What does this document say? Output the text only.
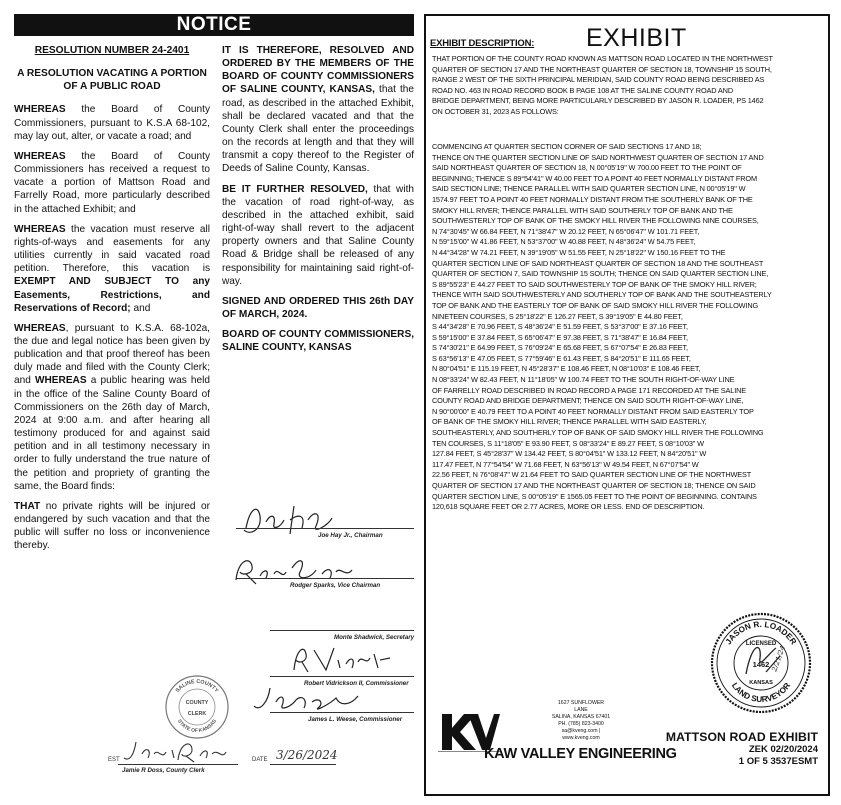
NOTICE

RESOLUTION NUMBER 24-2401

A RESOLUTION VACATING A PORTION OF A PUBLIC ROAD

WHEREAS the Board of County Commissioners, pursuant to K.S.A 68-102, may lay out, alter, or vacate a road; and

WHEREAS the Board of County Commissioners has received a request to vacate a portion of Mattson Road and Farrelly Road, more particularly described in the attached Exhibit; and

WHEREAS the vacation must reserve all rights-of-ways and easements for any utilities currently in said vacated road petition. Therefore, this vacation is EXEMPT AND SUBJECT TO any Easements, Restrictions, and Reservations of Record; and

WHEREAS, pursuant to K.S.A. 68-102a, the due and legal notice has been given by publication and that proof thereof has been duly made and filed with the County Clerk; and WHEREAS a public hearing was held in the office of the Saline County Board of Commissioners on the 26th day of March, 2024 at 9:00 a.m. and after hearing all testimony produced for and against said petition and in all testimony necessary in order to fully understand the true nature of the petition and propriety of granting the same, the Board finds:

THAT no private rights will be injured or endangered by such vacation and that the public will suffer no loss or inconvenience thereby.

IT IS THEREFORE, RESOLVED AND ORDERED BY THE MEMBERS OF THE BOARD OF COUNTY COMMISSIONERS OF SALINE COUNTY, KANSAS, that the road, as described in the attached Exhibit, shall be declared vacated and that the County Clerk shall enter the proceedings on the records at length and that they will transmit a copy thereof to the Register of Deeds of Saline County, Kansas.

BE IT FURTHER RESOLVED, that with the vacation of road right-of-way, as described in the attached exhibit, said right-of-way shall revert to the adjacent property owners and that Saline County Road & Bridge shall be released of any responsibility for maintaining said right-of-way.

SIGNED AND ORDERED THIS 26th DAY OF MARCH, 2024.

BOARD OF COUNTY COMMISSIONERS, SALINE COUNTY, KANSAS

Joe Hay Jr., Chairman
Rodger Sparks, Vice Chairman
Monte Shadwick, Secretary
Robert Vidrickson II, Commissioner
James L. Weese, Commissioner
SALINE COUNTY
STATE OF KANSAS
COUNTY
CLERK
EST
Jamie R Doss, County Clerk
DATE 3/26/2024
EXHIBIT DESCRIPTION: EXHIBIT
THAT PORTION OF THE COUNTY ROAD KNOWN AS MATTSON ROAD LOCATED IN THE NORTHWEST
QUARTER OF SECTION 17 AND THE NORTHEAST QUARTER OF SECTION 18, TOWNSHIP 15 SOUTH,
RANGE 2 WEST OF THE SIXTH PRINCIPAL MERIDIAN, SAID COUNTY ROAD BEING DESCRIBED AS
ROAD NO. 463 IN ROAD RECORD BOOK B PAGE 108 AT THE SALINE COUNTY ROAD AND
BRIDGE DEPARTMENT, BEING MORE PARTICULARLY DESCRIBED BY JASON R. LOADER, PS 1462
ON OCTOBER 31, 2023 AS FOLLOWS:
COMMENCING AT QUARTER SECTION CORNER OF SAID SECTIONS 17 AND 18;
THENCE ON THE QUARTER SECTION LINE OF SAID NORTHWEST QUARTER OF SECTION 17 AND
SAID NORTHEAST QUARTER OF SECTION 18, N 00°05'19" W 700.00 FEET TO THE POINT OF
BEGINNING; THENCE S 89°54'41" W 40.00 FEET TO A POINT 40 FEET NORMALLY DISTANT FROM
SAID SECTION LINE; THENCE PARALLEL WITH SAID QUARTER SECTION LINE, N 00°05'19" W
1574.97 FEET TO A POINT 40 FEET NORMALLY DISTANT FROM THE SOUTHERLY BANK OF THE
SMOKY HILL RIVER; THENCE PARALLEL WITH SAID SOUTHERLY TOP OF BANK AND THE
SOUTHWESTERLY TOP OF BANK OF THE SMOKY HILL RIVER THE FOLLOWING NINE COURSES,
N 74°30'45" W 66.84 FEET, N 71°38'47" W 20.12 FEET, N 65°06'47" W 101.71 FEET,
N 59°15'00" W 41.86 FEET, N 53°37'00" W 40.88 FEET, N 48°36'24" W 54.75 FEET,
N 44°34'28" W 74.21 FEET, N 39°19'05" W 51.55 FEET, N 25°18'22" W 150.16 FEET TO THE
QUARTER SECTION LINE OF SAID NORTHEAST QUARTER OF SECTION 18 AND THE SOUTHEAST
QUARTER OF SECTION 7, SAID TOWNSHIP 15 SOUTH; THENCE ON SAID QUARTER SECTION LINE,
S 89°55'23" E 44.27 FEET TO SAID SOUTHWESTERLY TOP OF BANK OF THE SMOKY HILL RIVER;
THENCE WITH SAID SOUTHWESTERLY AND SOUTHERLY TOP OF BANK AND THE SOUTHEASTERLY
TOP OF BANK AND THE EASTERLY TOP OF BANK OF SAID SMOKY HILL RIVER THE FOLLOWING
NINETEEN COURSES, S 25°18'22" E 126.27 FEET, S 39°19'05" E 44.80 FEET,
S 44°34'28" E 70.96 FEET, S 48°36'24" E 51.59 FEET, S 53°37'00" E 37.16 FEET,
S 59°15'00" E 37.84 FEET, S 65°06'47" E 97.38 FEET, S 71°38'47" E 16.84 FEET,
S 74°30'21" E 64.99 FEET, S 76°09'24" E 65.68 FEET, S 67°07'54" E 26.83 FEET,
S 63°56'13" E 47.05 FEET, S 77°59'46" E 61.43 FEET, S 84°20'51" E 111.65 FEET,
N 80°04'51" E 115.19 FEET, N 45°28'37" E 108.46 FEET, N 08°10'03" E 108.46 FEET,
N 08°33'24" W 82.43 FEET, N 11°18'05" W 100.74 FEET TO THE SOUTH RIGHT-OF-WAY LINE
OF FARRELLY ROAD DESCRIBED IN ROAD RECORD A PAGE 171 RECORDED AT THE SALINE
COUNTY ROAD AND BRIDGE DEPARTMENT; THENCE ON SAID SOUTH RIGHT-OF-WAY LINE,
N 90°00'00" E 40.79 FEET TO A POINT 40 FEET NORMALLY DISTANT FROM SAID EASTERLY TOP
OF BANK OF THE SMOKY HILL RIVER; THENCE PARALLEL WITH SAID EASTERLY,
SOUTHEASTERLY, AND SOUTHERLY TOP OF BANK OF SAID SMOKY HILL RIVER THE FOLLOWING
TEN COURSES, S 11°18'05" E 93.90 FEET, S 08°33'24" E 89.27 FEET, S 08°10'03" W
127.84 FEET, S 45°28'37" W 134.42 FEET, S 80°04'51" W 133.12 FEET, N 84°20'51" W
117.47 FEET, N 77°54'54" W 71.68 FEET, N 63°56'13" W 49.54 FEET, N 67°07'54" W
22.56 FEET, N 76°08'47" W 21.64 FEET TO SAID QUARTER SECTION LINE OF THE NORTHWEST
QUARTER OF SECTION 17 AND THE NORTHEAST QUARTER OF SECTION 18; THENCE ON SAID
QUARTER SECTION LINE, S 00°05'19" E 1565.05 FEET TO THE POINT OF BEGINNING. CONTAINS
120,618 SQUARE FEET OR 2.77 ACRES, MORE OR LESS. END OF DESCRIPTION.
JASON R. LOADER
LAND SURVEYOR
LICENSED
1462
KANSAS
2/21/24
KAW VALLEY ENGINEERING
1627 SUNFLOWER LANE
SALINA, KANSAS 67401
PH. (785) 823-3400
sa@kveng.com | www.kveng.com	MATTSON ROAD EXHIBIT
ZEK 02/20/2024
1 OF 5 3537ESMT
